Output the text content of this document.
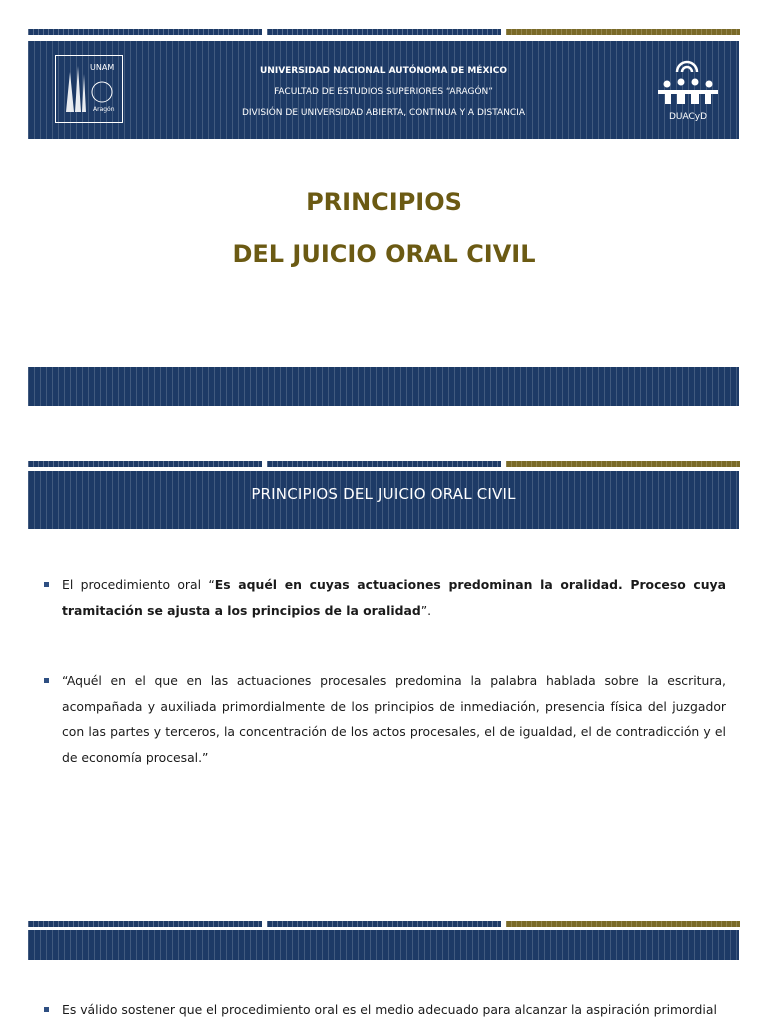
UNAM
Aragón
UNIVERSIDAD NACIONAL AUTÓNOMA DE MÉXICO
FACULTAD DE ESTUDIOS SUPERIORES “ARAGÓN”
DIVISIÓN DE UNIVERSIDAD ABIERTA, CONTINUA Y A DISTANCIA	DUACyD
PRINCIPIOS
DEL JUICIO ORAL CIVIL
PRINCIPIOS DEL JUICIO ORAL CIVIL
El procedimiento oral “Es aquél en cuyas actuaciones predominan la oralidad. Proceso cuya tramitación se ajusta a los principios de la oralidad”.
“Aquél en el que en las actuaciones procesales predomina la palabra hablada sobre la escritura, acompañada y auxiliada primordialmente de los principios de inmediación, presencia física del juzgador con las partes y terceros, la concentración de los actos procesales, el de igualdad, el de contradicción y el de economía procesal.”
Es válido sostener que el procedimiento oral es el medio adecuado para alcanzar la aspiración primordial
